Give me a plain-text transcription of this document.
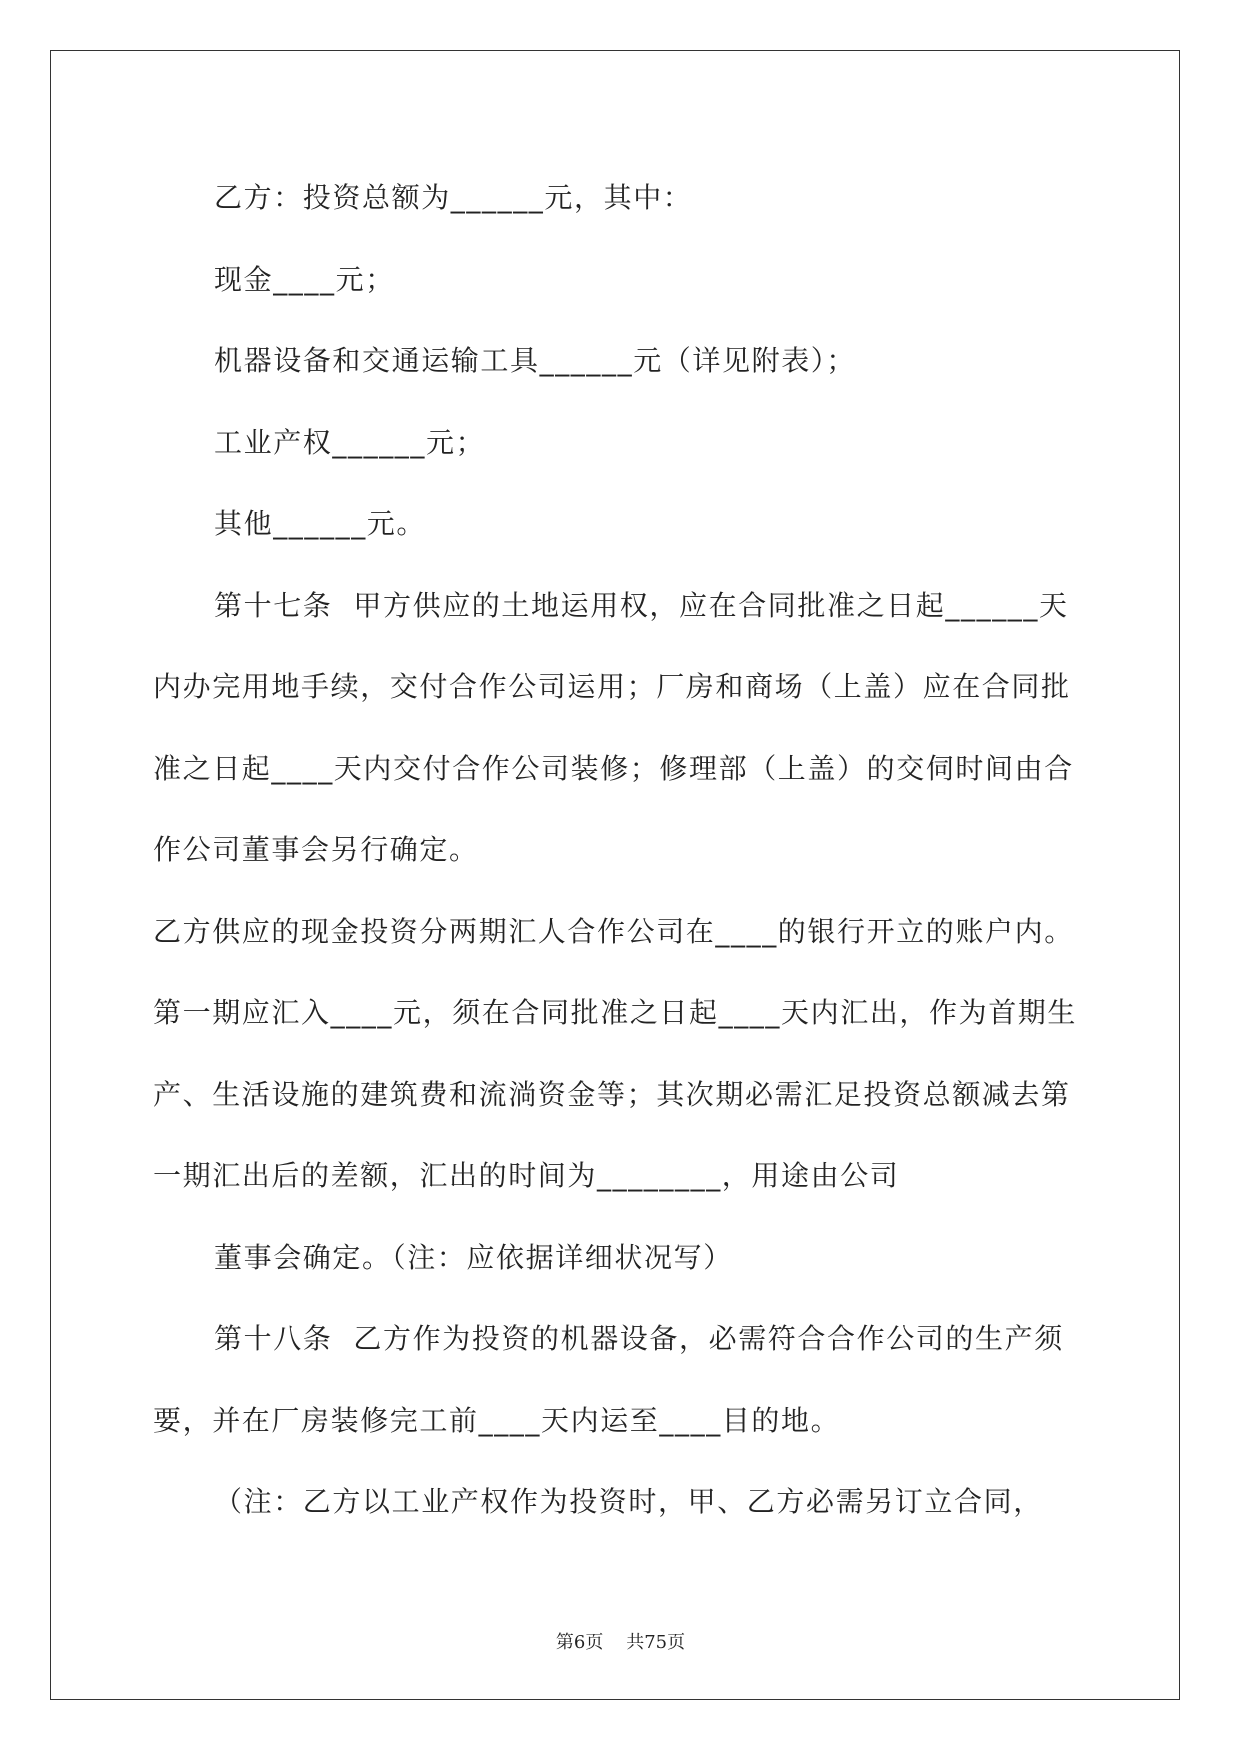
乙方：投资总额为______元，其中：

现金____元；

机器设备和交通运输工具______元（详见附表）；

工业产权______元；

其他______元。

第十七条  甲方供应的土地运用权，应在合同批准之日起______天内办完用地手续，交付合作公司运用；厂房和商场（上盖）应在合同批准之日起____天内交付合作公司装修；修理部（上盖）的交伺时间由合作公司董事会另行确定。

乙方供应的现金投资分两期汇人合作公司在____的银行开立的账户内。第一期应汇入____元，须在合同批准之日起____天内汇出，作为首期生产、生活设施的建筑费和流淌资金等；其次期必需汇足投资总额减去第一期汇出后的差额，汇出的时间为________，用途由公司

董事会确定。（注：应依据详细状况写）

第十八条  乙方作为投资的机器设备，必需符合合作公司的生产须要，并在厂房装修完工前____天内运至____目的地。

（注：乙方以工业产权作为投资时，甲、乙方必需另订立合同，

第6页 共75页
